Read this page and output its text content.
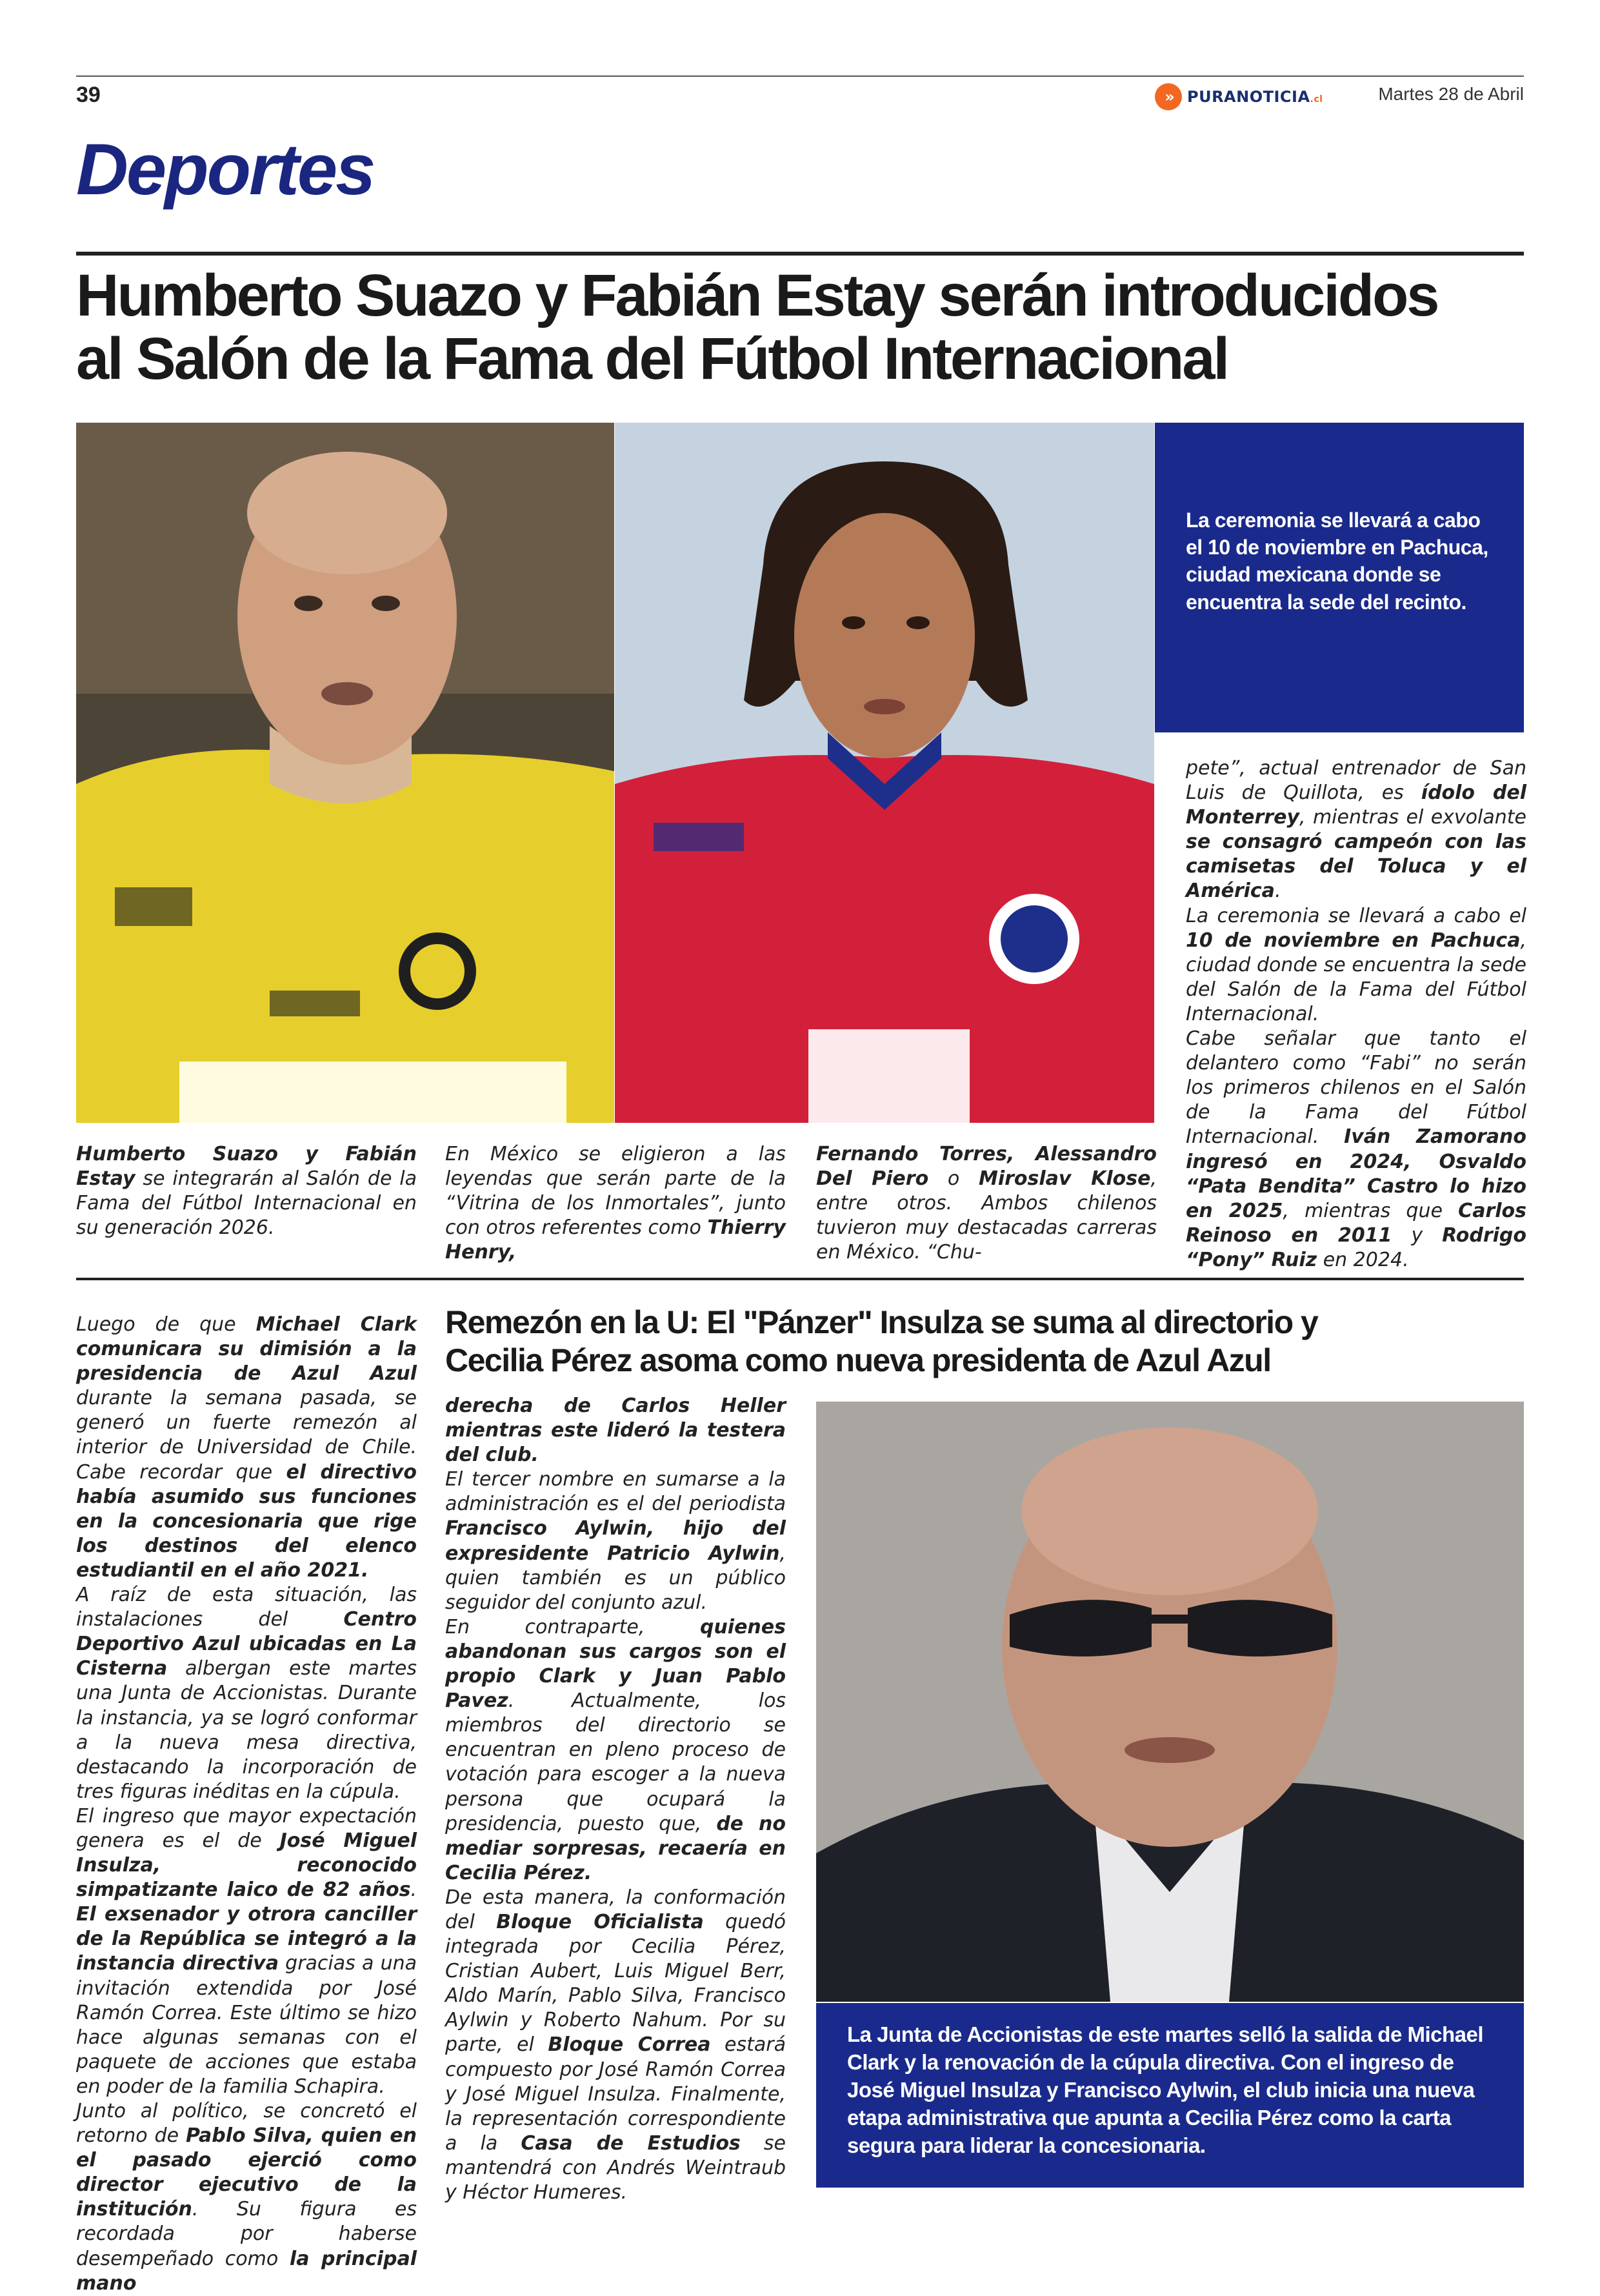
39	» PURANOTICIA.cl	Martes 28 de Abril
Deportes
Humberto Suazo y Fabián Estay serán introducidos
al Salón de la Fama del Fútbol Internacional
La ceremonia se llevará a cabo el 10 de noviembre en Pachuca, ciudad mexicana donde se encuentra la sede del recinto.
Humberto Suazo y Fabián Estay se integrarán al Salón de la Fama del Fútbol Internacional en su generación 2026.
En México se eligieron a las leyendas que serán parte de la “Vitrina de los Inmortales”, junto con otros referentes como Thierry Henry,
Fernando Torres, Alessandro Del Piero o Miroslav Klose, entre otros. Ambos chilenos tuvieron muy destacadas carreras en México. “Chu-

pete”, actual entrenador de San Luis de Quillota, es ídolo del Monterrey, mientras el exvolante se consagró campeón con las camisetas del Toluca y el América.

La ceremonia se llevará a cabo el 10 de noviembre en Pachuca, ciudad donde se encuentra la sede del Salón de la Fama del Fútbol Internacional.

Cabe señalar que tanto el delantero como “Fabi” no serán los primeros chilenos en el Salón de la Fama del Fútbol Internacional. Iván Zamorano ingresó en 2024, Osvaldo “Pata Bendita” Castro lo hizo en 2025, mientras que Carlos Reinoso en 2011 y Rodrigo “Pony” Ruiz en 2024.

Remezón en la U: El "Pánzer" Insulza se suma al directorio y
Cecilia Pérez asoma como nueva presidenta de Azul Azul

Luego de que Michael Clark comunicara su dimisión a la presidencia de Azul Azul durante la semana pasada, se generó un fuerte remezón al interior de Universidad de Chile. Cabe recordar que el directivo había asumido sus funciones en la concesionaria que rige los destinos del elenco estudiantil en el año 2021.

A raíz de esta situación, las instalaciones del Centro Deportivo Azul ubicadas en La Cisterna albergan este martes una Junta de Accionistas. Durante la instancia, ya se logró conformar a la nueva mesa directiva, destacando la incorporación de tres figuras inéditas en la cúpula.

El ingreso que mayor expectación genera es el de José Miguel Insulza, reconocido simpatizante laico de 82 años. El exsenador y otrora canciller de la República se integró a la instancia directiva gracias a una invitación extendida por José Ramón Correa. Este último se hizo hace algunas semanas con el paquete de acciones que estaba en poder de la familia Schapira.

Junto al político, se concretó el retorno de Pablo Silva, quien en el pasado ejerció como director ejecutivo de la institución. Su figura es recordada por haberse desempeñado como la principal mano

derecha de Carlos Heller mientras este lideró la testera del club.

El tercer nombre en sumarse a la administración es el del periodista Francisco Aylwin, hijo del expresidente Patricio Aylwin, quien también es un público seguidor del conjunto azul.

En contraparte, quienes abandonan sus cargos son el propio Clark y Juan Pablo Pavez. Actualmente, los miembros del directorio se encuentran en pleno proceso de votación para escoger a la nueva persona que ocupará la presidencia, puesto que, de no mediar sorpresas, recaería en Cecilia Pérez.

De esta manera, la conformación del Bloque Oficialista quedó integrada por Cecilia Pérez, Cristian Aubert, Luis Miguel Berr, Aldo Marín, Pablo Silva, Francisco Aylwin y Roberto Nahum. Por su parte, el Bloque Correa estará compuesto por José Ramón Correa y José Miguel Insulza. Finalmente, la representación correspondiente a la Casa de Estudios se mantendrá con Andrés Weintraub y Héctor Humeres.

La Junta de Accionistas de este martes selló la salida de Michael Clark y la renovación de la cúpula directiva. Con el ingreso de José Miguel Insulza y Francisco Aylwin, el club inicia una nueva etapa administrativa que apunta a Cecilia Pérez como la carta segura para liderar la concesionaria.
